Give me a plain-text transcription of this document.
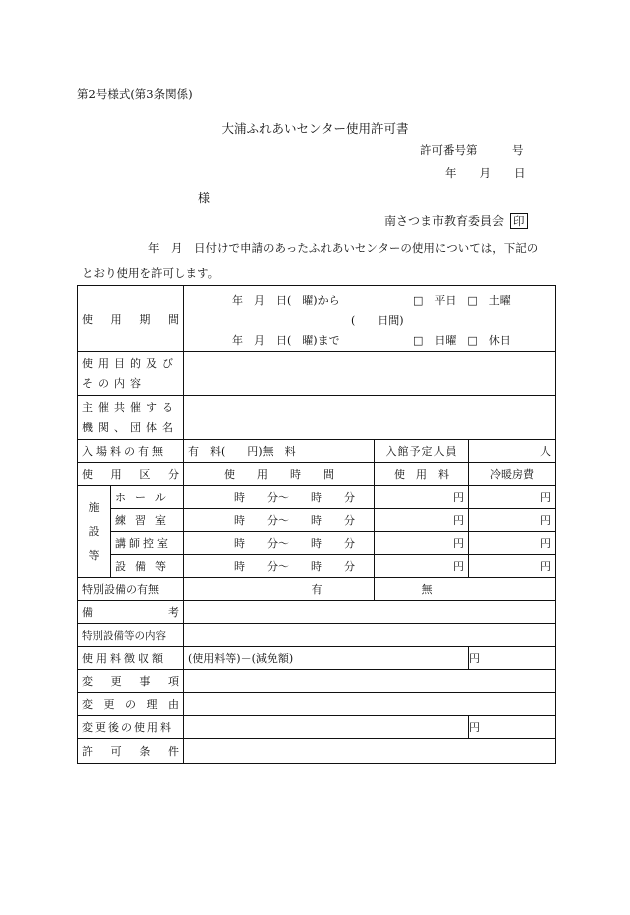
第2号様式(第3条関係)
大浦ふれあいセンター使用許可書
許可番号第　　　号
年　　月　　日
様
南さつま市教育委員会 印
年　月　日付けで申請のあったふれあいセンターの使用については，下記の
とおり使用を許可します。
使 用 期 間		年　月　日(　曜)から
(　　日間)
年　月　日(　曜)まで
□　平日　□　土曜
□　日曜　□　休日		

使用目的及びその内容				

主催共催する機関、団体名				

入場料の有無		有　料(　　円)無　料	入館予定人員	人

使 用 区 分		使　　用　　時　　間	使　用　料	冷暖房費

施設等	ホール	時　　分～　　時　　分	円	円
	練習室	時　　分～　　時　　分	円	円
	講師控室	時　　分～　　時　　分	円	円
	設備等	時　　分～　　時　　分	円	円
特別設備の有無		有	無	

備 考				

特別設備等の内容				
使用料徴収額		(使用料等)－(減免額)		円

変 更 事 項				

変 更 の 理 由				

変更後の使用料				円

許 可 条 件				
